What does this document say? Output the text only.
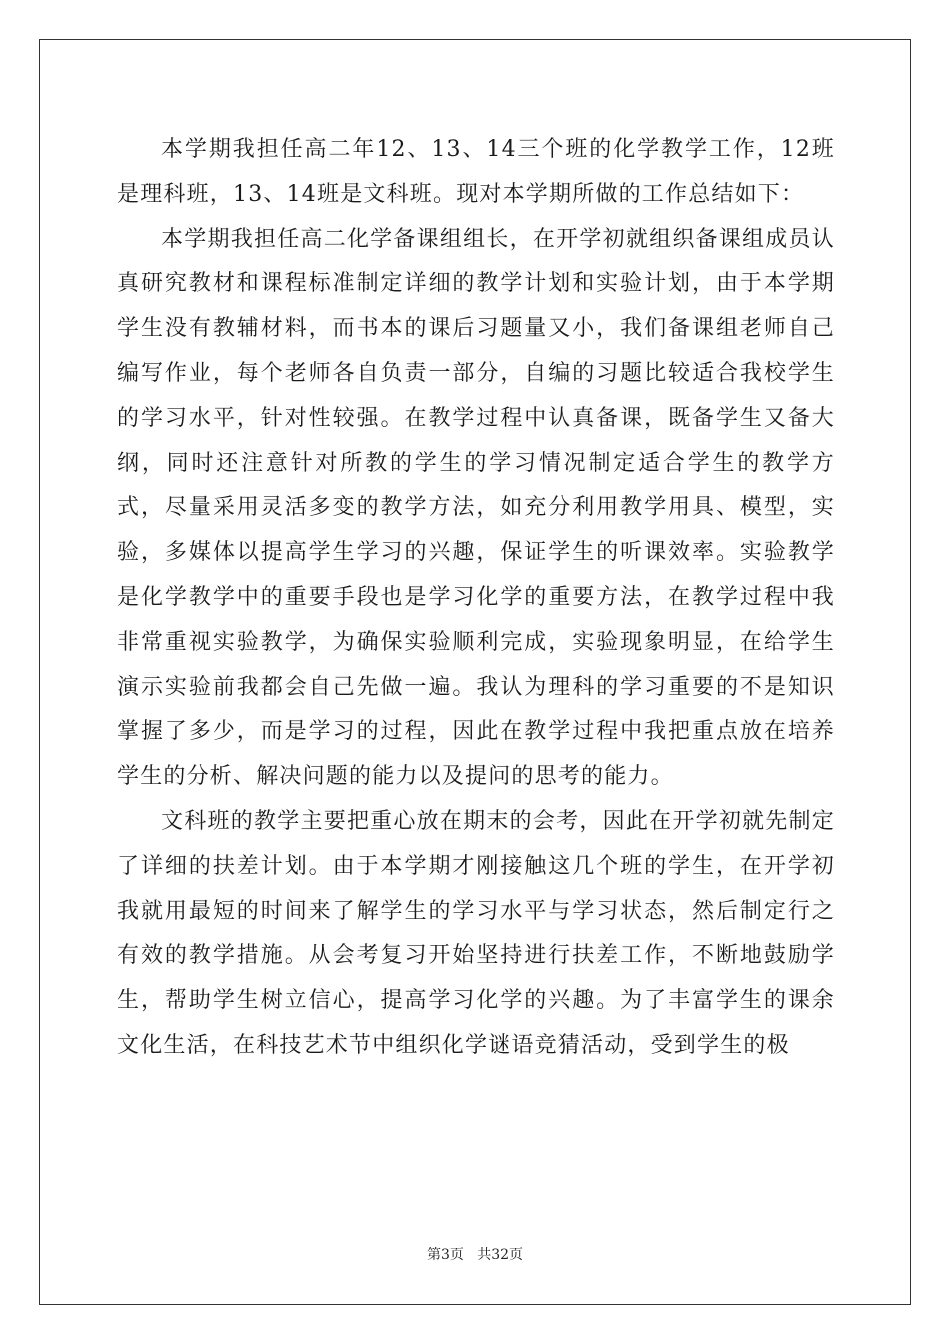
本学期我担任高二年12、13、14三个班的化学教学工作，12班是理科班，13、14班是文科班。现对本学期所做的工作总结如下：

本学期我担任高二化学备课组组长，在开学初就组织备课组成员认真研究教材和课程标准制定详细的教学计划和实验计划，由于本学期学生没有教辅材料，而书本的课后习题量又小，我们备课组老师自己编写作业，每个老师各自负责一部分，自编的习题比较适合我校学生的学习水平，针对性较强。在教学过程中认真备课，既备学生又备大纲，同时还注意针对所教的学生的学习情况制定适合学生的教学方式，尽量采用灵活多变的教学方法，如充分利用教学用具、模型，实验，多媒体以提高学生学习的兴趣，保证学生的听课效率。实验教学是化学教学中的重要手段也是学习化学的重要方法，在教学过程中我非常重视实验教学，为确保实验顺利完成，实验现象明显，在给学生演示实验前我都会自己先做一遍。我认为理科的学习重要的不是知识掌握了多少，而是学习的过程，因此在教学过程中我把重点放在培养学生的分析、解决问题的能力以及提问的思考的能力。

文科班的教学主要把重心放在期末的会考，因此在开学初就先制定了详细的扶差计划。由于本学期才刚接触这几个班的学生，在开学初我就用最短的时间来了解学生的学习水平与学习状态，然后制定行之有效的教学措施。从会考复习开始坚持进行扶差工作，不断地鼓励学生，帮助学生树立信心，提高学习化学的兴趣。为了丰富学生的课余文化生活，在科技艺术节中组织化学谜语竞猜活动，受到学生的极

第3页   共32页
